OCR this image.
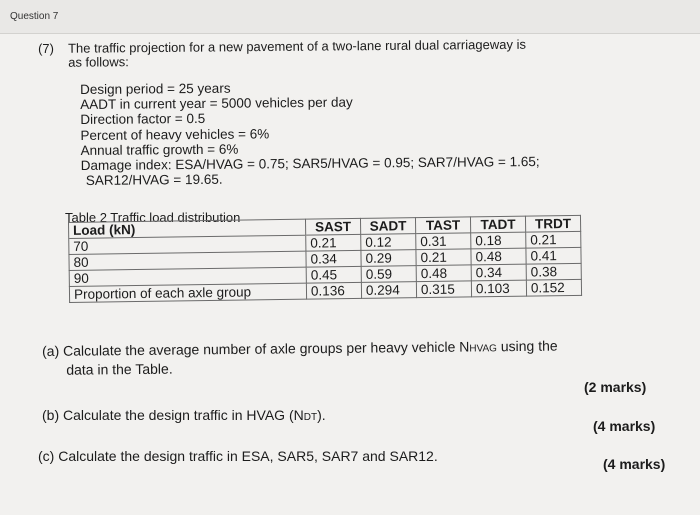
Question 7
(7) The traffic projection for a new pavement of a two-lane rural dual carriageway is
as follows:
Design period = 25 years
AADT in current year = 5000 vehicles per day
Direction factor = 0.5
Percent of heavy vehicles = 6%
Annual traffic growth = 6%
Damage index: ESA/HVAG = 0.75; SAR5/HVAG = 0.95; SAR7/HVAG = 1.65;
SAR12/HVAG = 19.65.
Table 2 Traffic load distribution
Load (kN)	SAST	SADT	TAST	TADT	TRDT
70	0.21	0.12	0.31	0.18	0.21
80	0.34	0.29	0.21	0.48	0.41
90	0.45	0.59	0.48	0.34	0.38
Proportion of each axle group	0.136	0.294	0.315	0.103	0.152
(a) Calculate the average number of axle groups per heavy vehicle NHVAG using the
data in the Table.
(2 marks)
(b) Calculate the design traffic in HVAG (NDT).
(4 marks)
(c) Calculate the design traffic in ESA, SAR5, SAR7 and SAR12.	(4 marks)
